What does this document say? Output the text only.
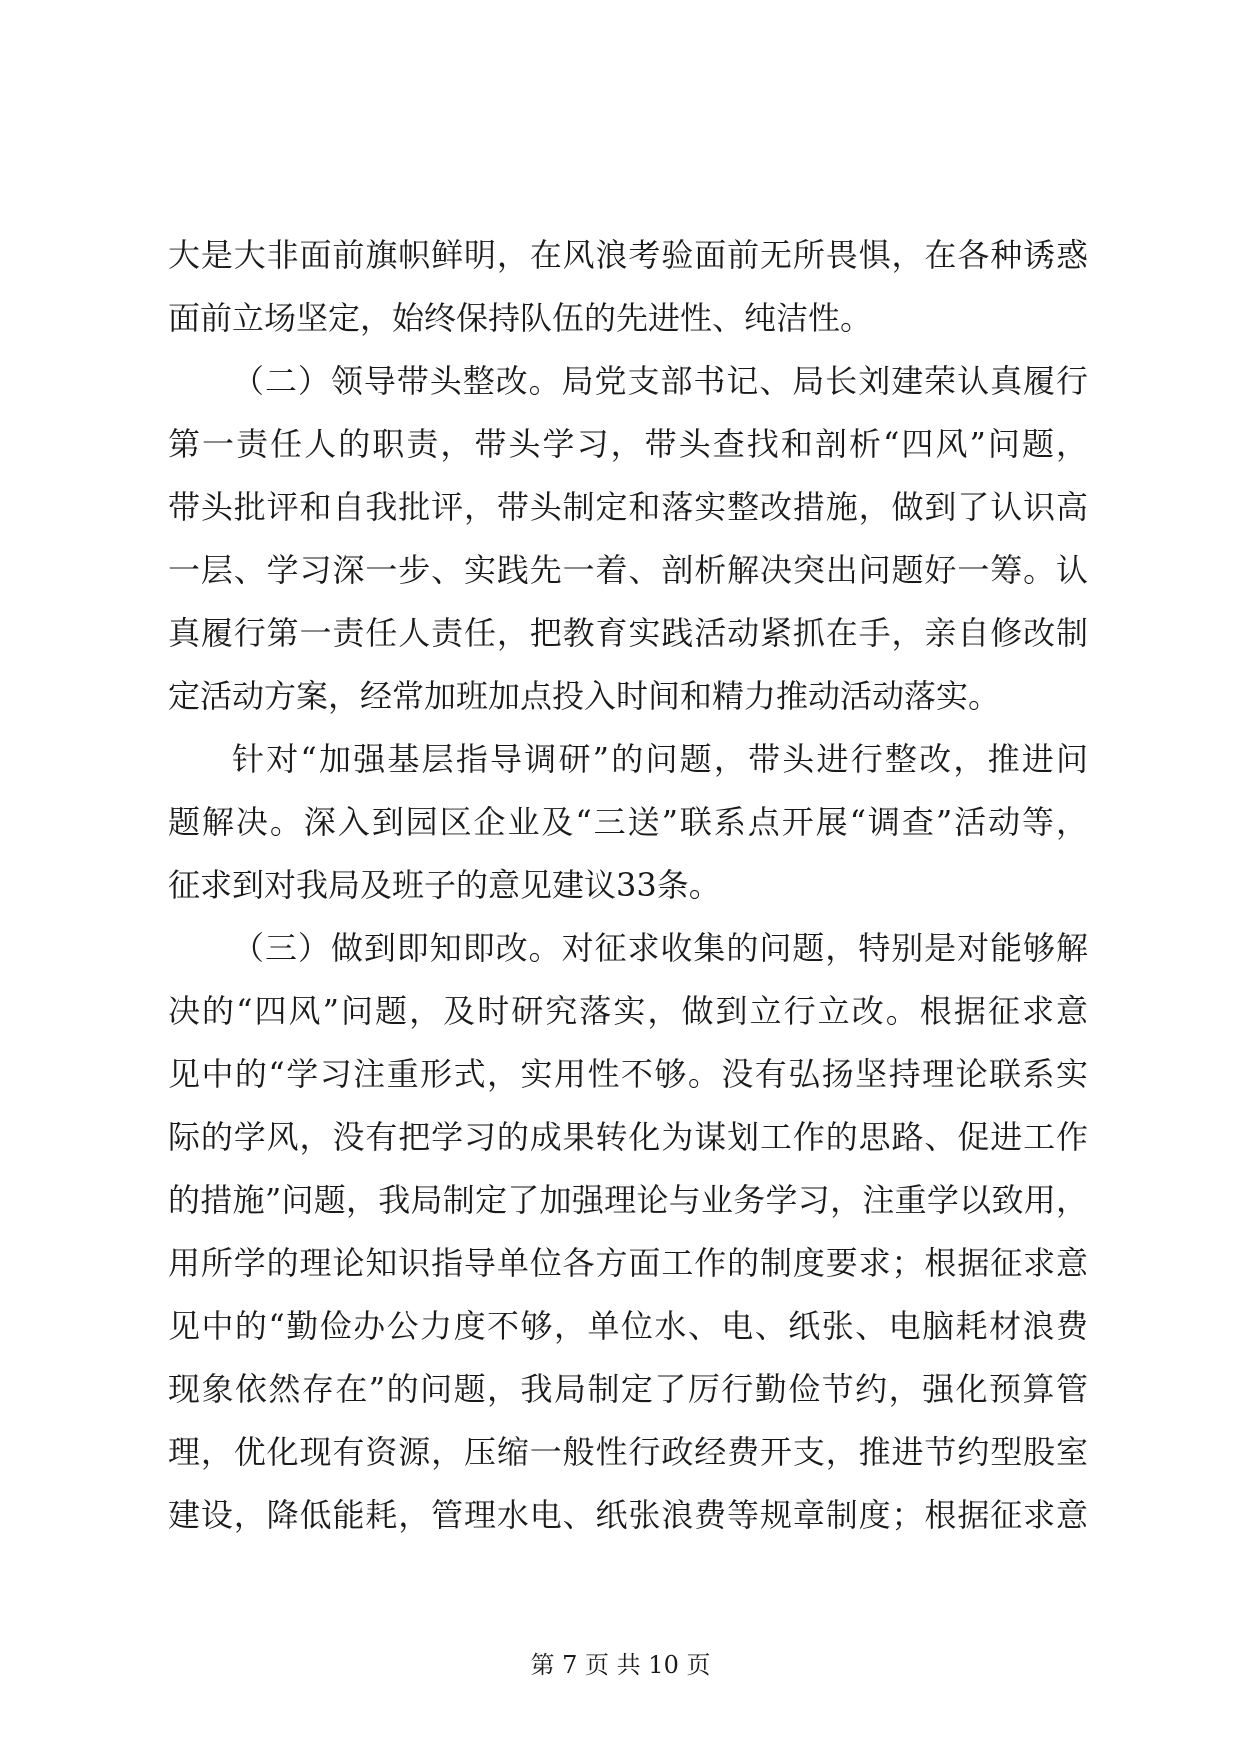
大是大非面前旗帜鲜明，在风浪考验面前无所畏惧，在各种诱惑
面前立场坚定，始终保持队伍的先进性、纯洁性。
（二）领导带头整改。局党支部书记、局长刘建荣认真履行
第一责任人的职责，带头学习，带头查找和剖析“四风”问题，
带头批评和自我批评，带头制定和落实整改措施，做到了认识高
一层、学习深一步、实践先一着、剖析解决突出问题好一筹。认
真履行第一责任人责任，把教育实践活动紧抓在手，亲自修改制
定活动方案，经常加班加点投入时间和精力推动活动落实。
针对“加强基层指导调研”的问题，带头进行整改，推进问
题解决。深入到园区企业及“三送”联系点开展“调查”活动等，
征求到对我局及班子的意见建议33条。
（三）做到即知即改。对征求收集的问题，特别是对能够解
决的“四风”问题，及时研究落实，做到立行立改。根据征求意
见中的“学习注重形式，实用性不够。没有弘扬坚持理论联系实
际的学风，没有把学习的成果转化为谋划工作的思路、促进工作
的措施”问题，我局制定了加强理论与业务学习，注重学以致用，
用所学的理论知识指导单位各方面工作的制度要求；根据征求意
见中的“勤俭办公力度不够，单位水、电、纸张、电脑耗材浪费
现象依然存在”的问题，我局制定了厉行勤俭节约，强化预算管
理，优化现有资源，压缩一般性行政经费开支，推进节约型股室
建设，降低能耗，管理水电、纸张浪费等规章制度；根据征求意
第 7 页 共 10 页
